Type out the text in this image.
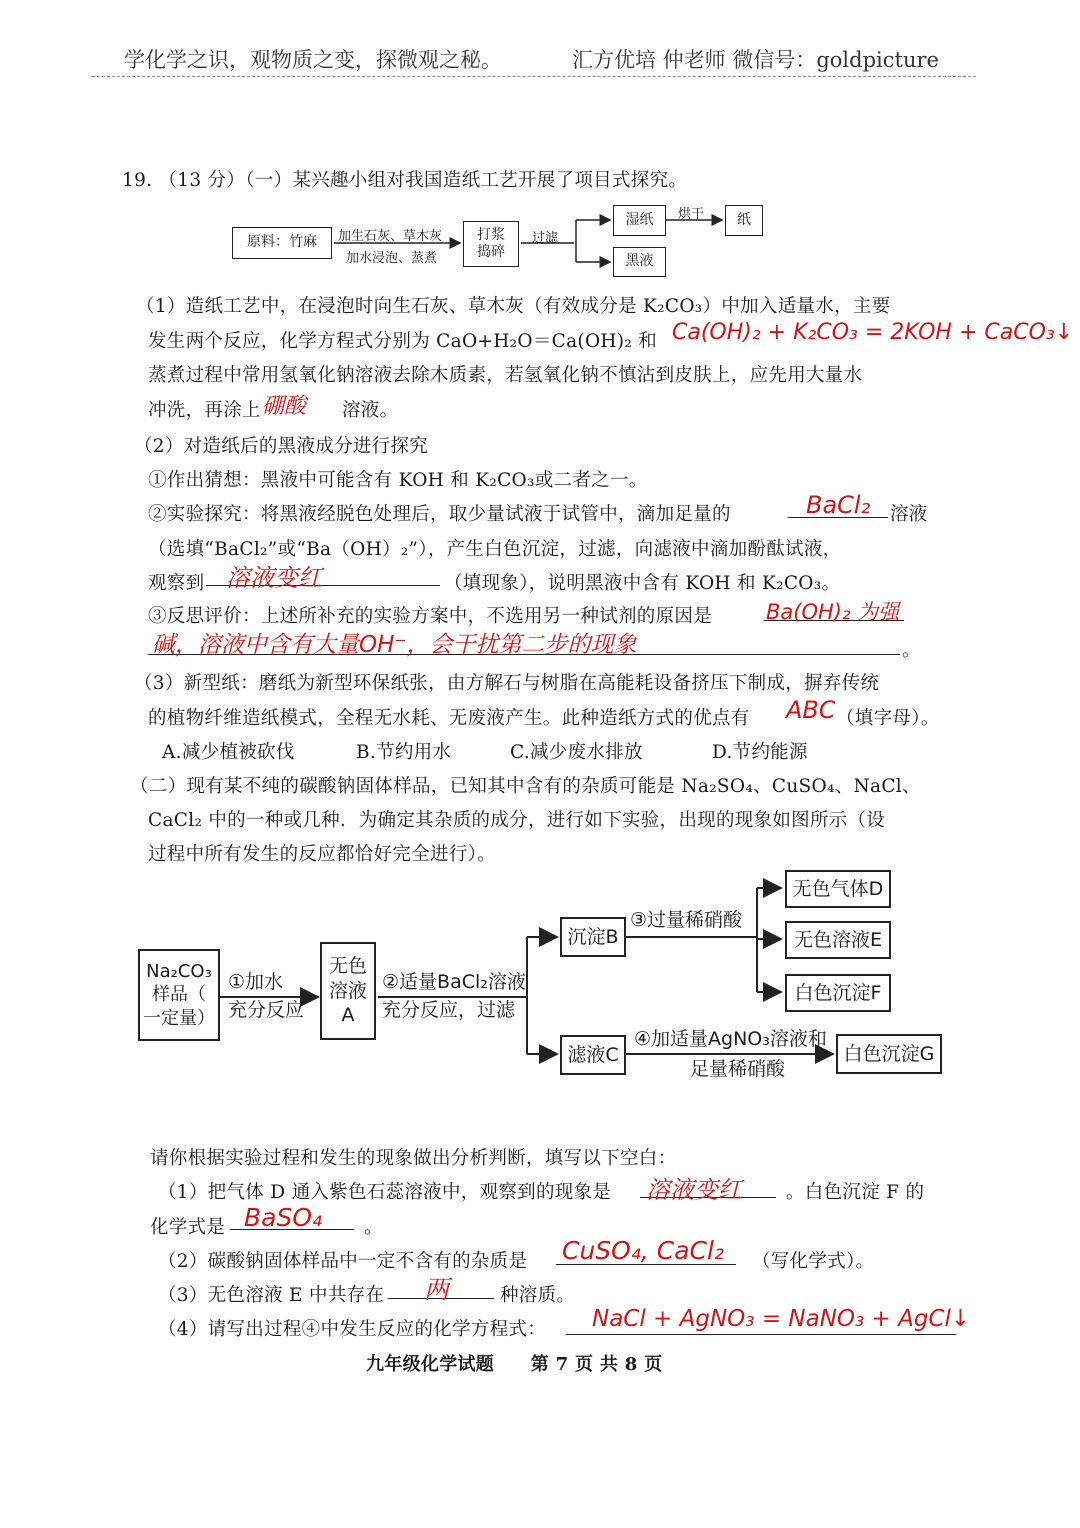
学化学之识，观物质之变，探微观之秘。	汇方优培 仲老师 微信号：goldpicture
19. （13 分）（一）某兴趣小组对我国造纸工艺开展了项目式探究。
原料：竹麻 加生石灰、草木灰
加水浸泡、蒸煮
打浆
捣碎
过滤
湿纸 烘干 纸
黑液
（1）造纸工艺中，在浸泡时向生石灰、草木灰（有效成分是 K₂CO₃）中加入适量水，主要
发生两个反应，化学方程式分别为 CaO+H₂O＝Ca(OH)₂ 和 Ca(OH)₂ + K₂CO₃ = 2KOH + CaCO₃↓
蒸煮过程中常用氢氧化钠溶液去除木质素，若氢氧化钠不慎沾到皮肤上，应先用大量水
冲洗，再涂上 硼酸 溶液。
（2）对造纸后的黑液成分进行探究
①作出猜想：黑液中可能含有 KOH 和 K₂CO₃或二者之一。
②实验探究：将黑液经脱色处理后，取少量试液于试管中，滴加足量的	BaCl₂ 溶液
（选填“BaCl₂”或“Ba（OH）₂”），产生白色沉淀，过滤，向滤液中滴加酚酞试液，
观察到 溶液变红	（填现象），说明黑液中含有 KOH 和 K₂CO₃。
③反思评价：上述所补充的实验方案中，不选用另一种试剂的原因是	Ba(OH)₂ 为强
碱，溶液中含有大量OH⁻，会干扰第二步的现象	。
（3）新型纸：磨纸为新型环保纸张，由方解石与树脂在高能耗设备挤压下制成，摒弃传统
的植物纤维造纸模式，全程无水耗、无废液产生。此种造纸方式的优点有 ABC （填字母）。
A.减少植被砍伐	B.节约用水	C.减少废水排放	D.节约能源
（二）现有某不纯的碳酸钠固体样品，已知其中含有的杂质可能是 Na₂SO₄、CuSO₄、NaCl、
CaCl₂ 中的一种或几种．为确定其杂质的成分，进行如下实验，出现的现象如图所示（设
过程中所有发生的反应都恰好完全进行）。
Na₂CO₃
样品（
一定量）
①加水
充分反应
无色
溶液
A
②适量BaCl₂溶液
充分反应，过滤
沉淀B
③过量稀硝酸
无色气体D
无色溶液E
白色沉淀F
滤液C
④加适量AgNO₃溶液和
足量稀硝酸
白色沉淀G
请你根据实验过程和发生的现象做出分析判断，填写以下空白：
（1）把气体 D 通入紫色石蕊溶液中，观察到的现象是 溶液变红 。白色沉淀 F 的
化学式是 BaSO₄ 。
（2）碳酸钠固体样品中一定不含有的杂质是 CuSO₄, CaCl₂ （写化学式）。
（3）无色溶液 E 中共存在 两	种溶质。
（4）请写出过程④中发生反应的化学方程式： NaCl + AgNO₃ = NaNO₃ + AgCl↓
九年级化学试题　　第 7 页 共 8 页
